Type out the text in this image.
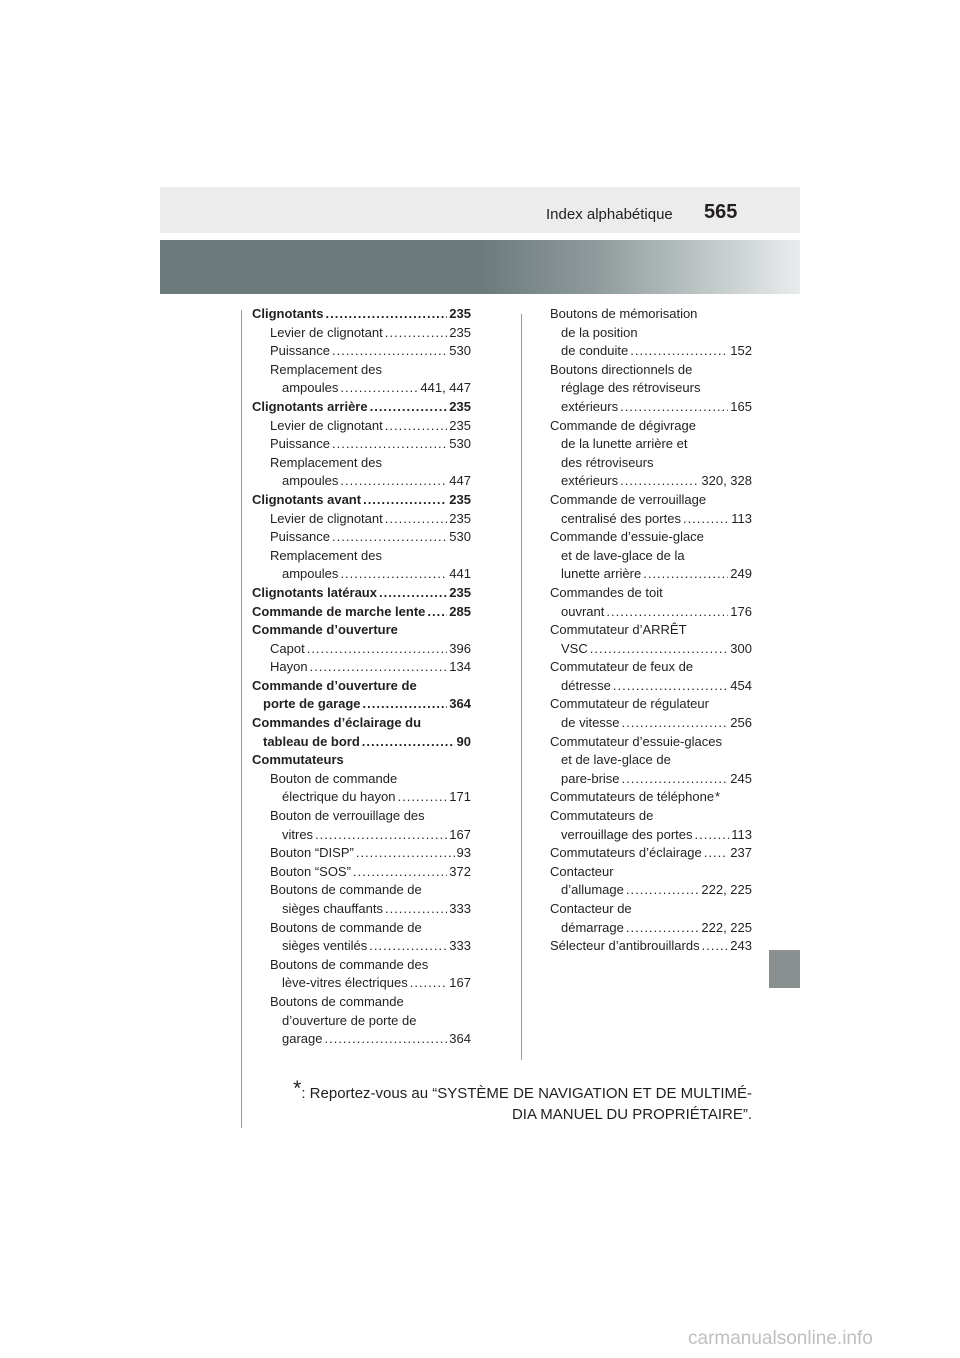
Index alphabétique 565
Clignotants .....	235
Levier de clignotant .....	235
Puissance .....	530
Remplacement des
ampoules .....	441, 447
Clignotants arrière .....	235
Levier de clignotant .....	235
Puissance .....	530
Remplacement des
ampoules .....	447
Clignotants avant .....	235
Levier de clignotant .....	235
Puissance .....	530
Remplacement des
ampoules .....	441
Clignotants latéraux .....	235
Commande de marche lente ..... 285
Commande d’ouverture
Capot .....	396
Hayon .....	134
Commande d’ouverture de
porte de garage .....	364
Commandes d’éclairage du
tableau de bord .....	90
Commutateurs
Bouton de commande
électrique du hayon .....	171
Bouton de verrouillage des
vitres .....	167
Bouton “DISP” .....	93
Bouton “SOS” .....	372
Boutons de commande de
sièges chauffants .....	333
Boutons de commande de
sièges ventilés .....	333
Boutons de commande des
lève-vitres électriques .....	167
Boutons de commande
d’ouverture de porte de
garage .....	364
Boutons de mémorisation
de la position
de conduite .....	152
Boutons directionnels de
réglage des rétroviseurs
extérieurs .....	165
Commande de dégivrage
de la lunette arrière et
des rétroviseurs
extérieurs .....	320, 328
Commande de verrouillage
centralisé des portes .....	113
Commande d’essuie-glace
et de lave-glace de la
lunette arrière .....	249
Commandes de toit
ouvrant .....	176
Commutateur d’ARRÊT
VSC .....	300
Commutateur de feux de
détresse .....	454
Commutateur de régulateur
de vitesse .....	256
Commutateur d’essuie-glaces
et de lave-glace de
pare-brise .....	245
Commutateurs de téléphone *
Commutateurs de
verrouillage des portes .....	113
Commutateurs d’éclairage ..... 237
Contacteur
d’allumage .....	222, 225
Contacteur de
démarrage .....	222, 225
Sélecteur d’antibrouillards ..... 243
*: Reportez-vous au “SYSTÈME DE NAVIGATION ET DE MULTIMÉ-
DIA MANUEL DU PROPRIÉTAIRE”.
carmanualsonline.info
